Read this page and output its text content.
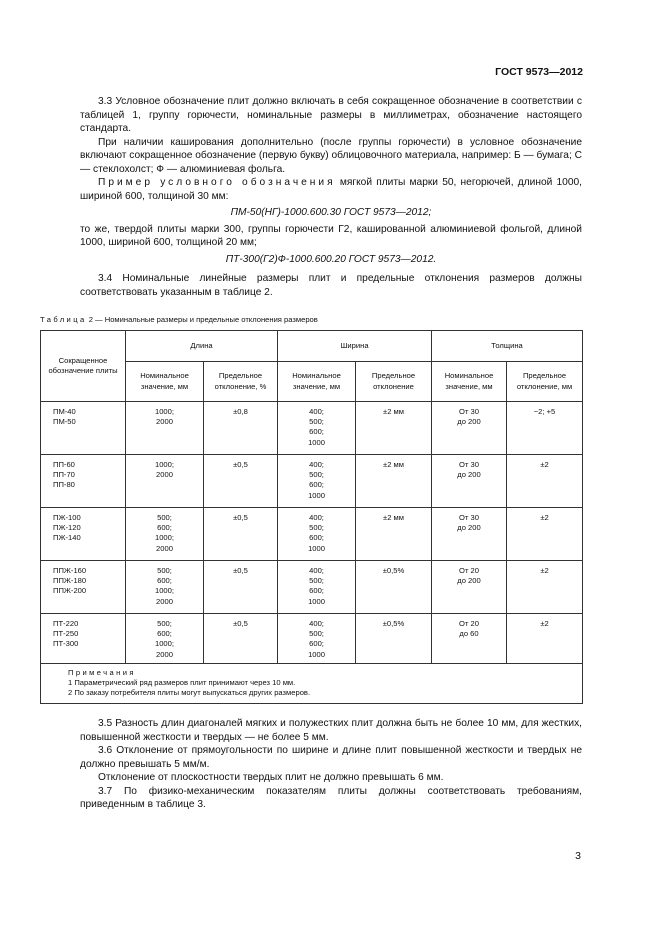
ГОСТ 9573—2012

3.3 Условное обозначение плит должно включать в себя сокращенное обозначение в соответствии с таблицей 1, группу горючести, номинальные размеры в миллиметрах, обозначение настоящего стандарта.

При наличии каширования дополнительно (после группы горючести) в условное обозначение включают сокращенное обозначение (первую букву) облицовочного материала, например: Б — бумага; С — стеклохолст; Ф — алюминиевая фольга.

Пример условного обозначения мягкой плиты марки 50, негорючей, длиной 1000, шириной 600, толщиной 30 мм:

ПМ-50(НГ)-1000.600.30 ГОСТ 9573—2012;

то же, твердой плиты марки 300, группы горючести Г2, кашированной алюминиевой фольгой, длиной 1000, шириной 600, толщиной 20 мм;

ПТ-300(Г2)Ф-1000.600.20 ГОСТ 9573—2012.

3.4 Номинальные линейные размеры плит и предельные отклонения размеров должны соответствовать указанным в таблице 2.

Таблица 2 — Номинальные размеры и предельные отклонения размеров
Сокращенное обозначение плиты	Длина		Ширина		Толщина	
	Номинальное значение, мм	Предельное отклонение, %	Номинальное значение, мм	Предельное отклонение	Номинальное значение, мм	Предельное отклонение, мм

ПМ-40
ПМ-50	1000;
2000	±0,8	400;
500;
600;
1000	±2 мм	От 30
до 200	−2; +5

ПП-60
ПП-70
ПП-80	1000;
2000	±0,5	400;
500;
600;
1000	±2 мм	От 30
до 200	±2

ПЖ-100
ПЖ-120
ПЖ-140	500;
600;
1000;
2000	±0,5	400;
500;
600;
1000	±2 мм	От 30
до 200	±2

ППЖ-160
ППЖ-180
ППЖ-200	500;
600;
1000;
2000	±0,5	400;
500;
600;
1000	±0,5%	От 20
до 200	±2

ПТ-220
ПТ-250
ПТ-300	500;
600;
1000;
2000	±0,5	400;
500;
600;
1000	±0,5%	От 20
до 60	±2

Примечания
1 Параметрический ряд размеров плит принимают через 10 мм.
2 По заказу потребителя плиты могут выпускаться других размеров.						

3.5 Разность длин диагоналей мягких и полужестких плит должна быть не более 10 мм, для жестких, повышенной жесткости и твердых — не более 5 мм.

3.6 Отклонение от прямоугольности по ширине и длине плит повышенной жесткости и твердых не должно превышать 5 мм/м.

Отклонение от плоскостности твердых плит не должно превышать 6 мм.

3.7 По физико-механическим показателям плиты должны соответствовать требованиям, приведенным в таблице 3.

3
